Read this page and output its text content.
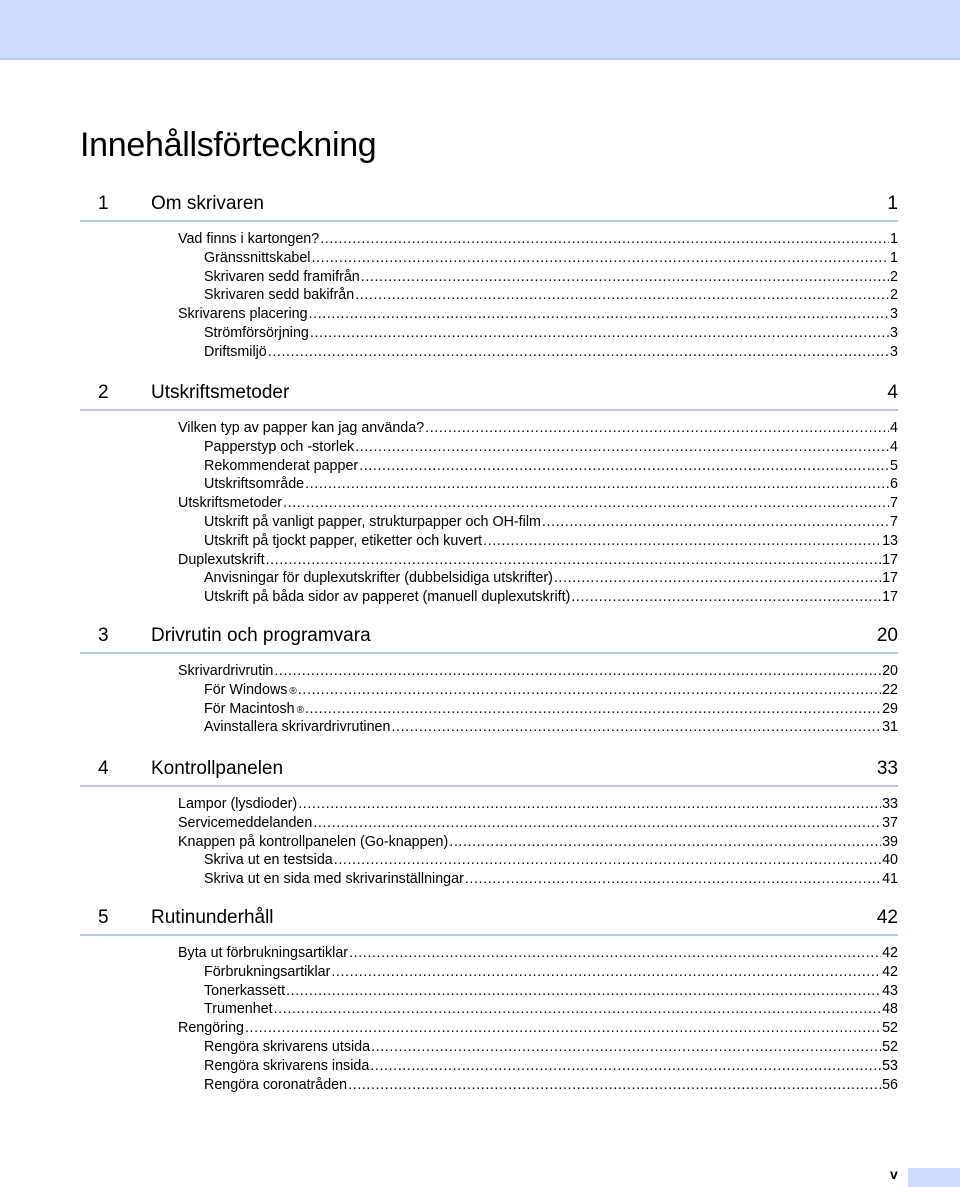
Innehållsförteckning
1 Om skrivaren	1
Vad finns i kartongen? .....	1
Gränssnittskabel .....	1
Skrivaren sedd framifrån .....	2
Skrivaren sedd bakifrån .....	2
Skrivarens placering .....	3
Strömförsörjning .....	3
Driftsmiljö .....	3
2 Utskriftsmetoder	4
Vilken typ av papper kan jag använda? .....	4
Papperstyp och -storlek .....	4
Rekommenderat papper .....	5
Utskriftsområde .....	6
Utskriftsmetoder .....	7
Utskrift på vanligt papper, strukturpapper och OH-film .....	7
Utskrift på tjockt papper, etiketter och kuvert .....	13
Duplexutskrift .....	17
Anvisningar för duplexutskrifter (dubbelsidiga utskrifter) .....	17
Utskrift på båda sidor av papperet (manuell duplexutskrift) .....	17
3 Drivrutin och programvara	20
Skrivardrivrutin .....	20
För Windows ® .....	22
För Macintosh ® .....	29
Avinstallera skrivardrivrutinen .....	31
4 Kontrollpanelen	33
Lampor (lysdioder) .....	33
Servicemeddelanden .....	37
Knappen på kontrollpanelen (Go-knappen) .....	39
Skriva ut en testsida .....	40
Skriva ut en sida med skrivarinställningar .....	41
5 Rutinunderhåll	42
Byta ut förbrukningsartiklar .....	42
Förbrukningsartiklar .....	42
Tonerkassett .....	43
Trumenhet .....	48
Rengöring .....	52
Rengöra skrivarens utsida .....	52
Rengöra skrivarens insida .....	53
Rengöra coronatråden .....	56
v
